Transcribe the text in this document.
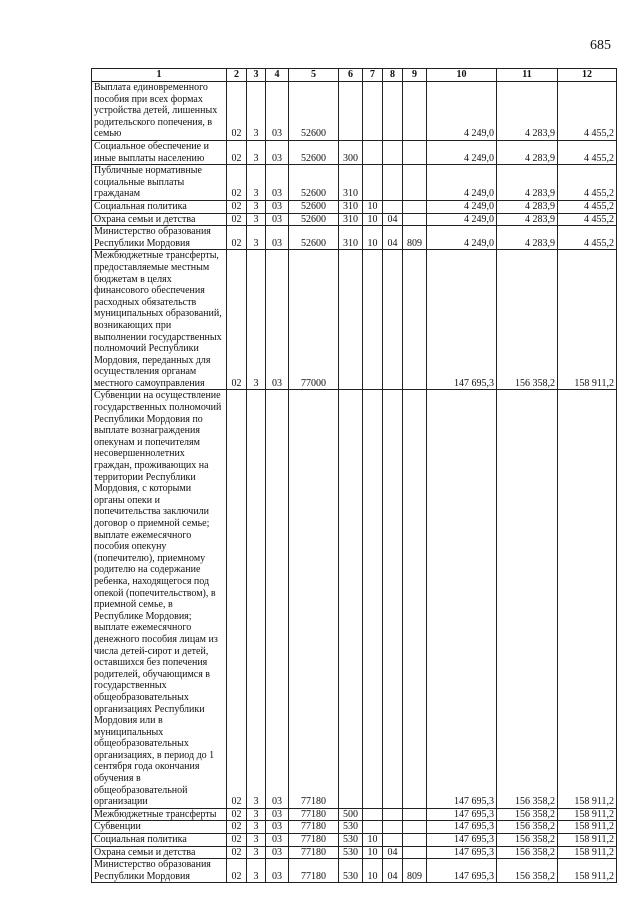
685
1	2	3	4	5	6	7	8	9	10	11	12
Выплата единовременного пособия при всех формах устройства детей, лишенных родительского попечения, в семью	02	3	03	52600					4 249,0	4 283,9	4 455,2
Социальное обеспечение и иные выплаты населению	02	3	03	52600	300				4 249,0	4 283,9	4 455,2
Публичные нормативные социальные выплаты гражданам	02	3	03	52600	310				4 249,0	4 283,9	4 455,2
Социальная политика	02	3	03	52600	310	10			4 249,0	4 283,9	4 455,2
Охрана семьи и детства	02	3	03	52600	310	10	04		4 249,0	4 283,9	4 455,2
Министерство образования Республики Мордовия	02	3	03	52600	310	10	04	809	4 249,0	4 283,9	4 455,2
Межбюджетные трансферты, предоставляемые местным бюджетам в целях финансового обеспечения расходных обязательств муниципальных образований, возникающих при выполнении государственных полномочий Республики Мордовия, переданных для осуществления органам местного самоуправления	02	3	03	77000					147 695,3	156 358,2	158 911,2
Субвенции на осуществление государственных полномочий Республики Мордовия по выплате вознаграждения опекунам и попечителям несовершеннолетних граждан, проживающих на территории Республики Мордовия, с которыми органы опеки и попечительства заключили договор о приемной семье; выплате ежемесячного пособия опекуну (попечителю), приемному родителю на содержание ребенка, находящегося под опекой (попечительством), в приемной семье, в Республике Мордовия; выплате ежемесячного денежного пособия лицам из числа детей-сирот и детей, оставшихся без попечения родителей, обучающимся в государственных общеобразовательных организациях Республики Мордовия или в муниципальных общеобразовательных организациях, в период до 1 сентября года окончания обучения в общеобразовательной организации	02	3	03	77180					147 695,3	156 358,2	158 911,2
Межбюджетные трансферты	02	3	03	77180	500				147 695,3	156 358,2	158 911,2
Субвенции	02	3	03	77180	530				147 695,3	156 358,2	158 911,2
Социальная политика	02	3	03	77180	530	10			147 695,3	156 358,2	158 911,2
Охрана семьи и детства	02	3	03	77180	530	10	04		147 695,3	156 358,2	158 911,2
Министерство образования Республики Мордовия	02	3	03	77180	530	10	04	809	147 695,3	156 358,2	158 911,2
